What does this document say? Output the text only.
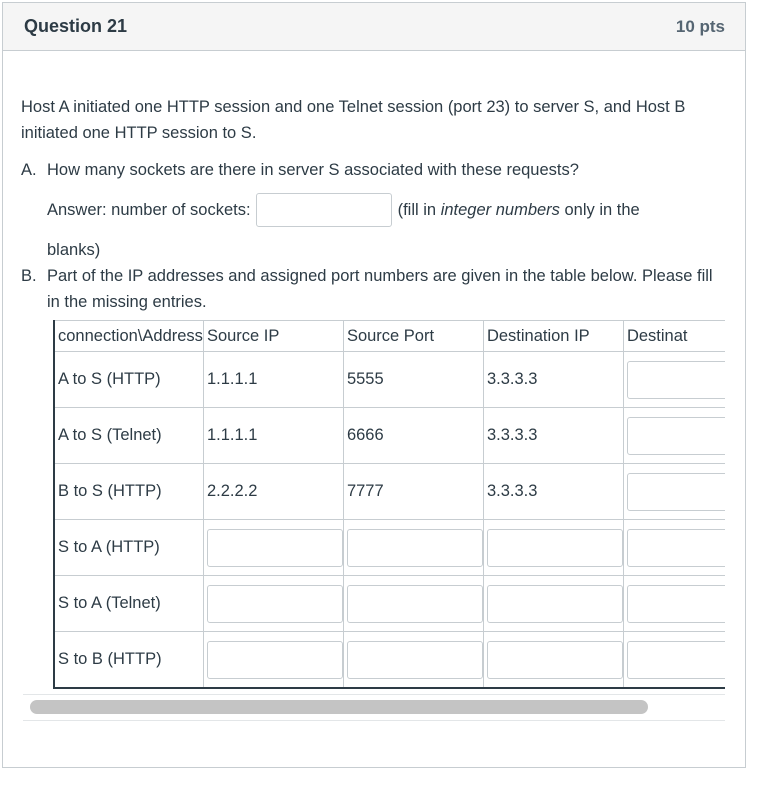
Question 21	10 pts

Host A initiated one HTTP session and one Telnet session (port 23) to server S, and Host B initiated one HTTP session to S.

A. How many sockets are there in server S associated with these requests?
Answer: number of sockets:	(fill in integer numbers only in the
blanks)
B. Part of the IP addresses and assigned port numbers are given in the table below. Please fill in the missing entries.
connection\Address	Source IP	Source Port	Destination IP	Destinat
A to S (HTTP)	1.1.1.1	5555	3.3.3.3	

A to S (Telnet)	1.1.1.1	6666	3.3.3.3	

B to S (HTTP)	2.2.2.2	7777	3.3.3.3	

S to A (HTTP)	

S to A (Telnet)	

S to B (HTTP)	
